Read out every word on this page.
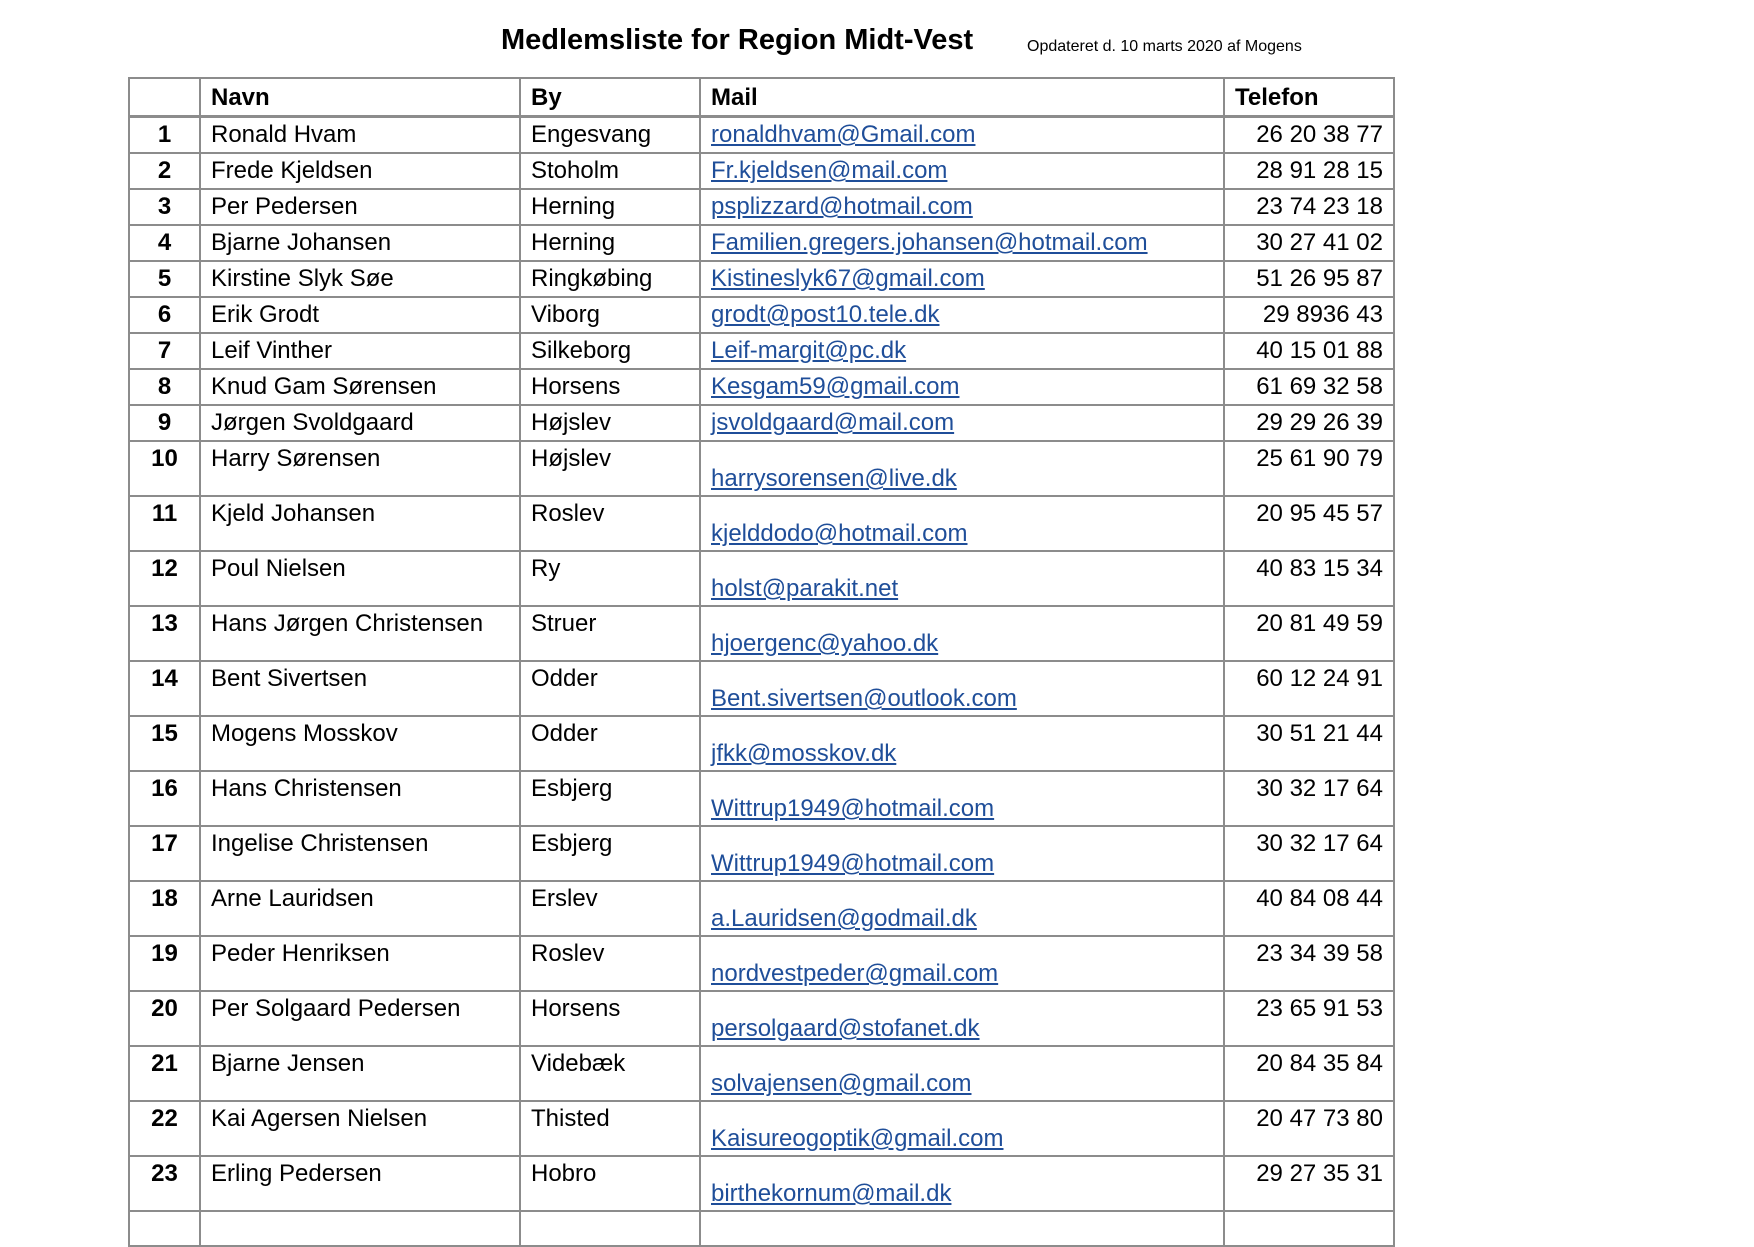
Medlemsliste for Region Midt-Vest	Opdateret d. 10 marts 2020 af Mogens
	Navn	By	Mail	Telefon
1	Ronald Hvam	Engesvang	ronaldhvam@Gmail.com	26 20 38 77
2	Frede Kjeldsen	Stoholm	Fr.kjeldsen@mail.com	28 91 28 15
3	Per Pedersen	Herning	psplizzard@hotmail.com	23 74 23 18
4	Bjarne Johansen	Herning	Familien.gregers.johansen@hotmail.com	30 27 41 02
5	Kirstine Slyk Søe	Ringkøbing	Kistineslyk67@gmail.com	51 26 95 87
6	Erik Grodt	Viborg	grodt@post10.tele.dk	29 8936 43
7	Leif Vinther	Silkeborg	Leif-margit@pc.dk	40 15 01 88
8	Knud Gam Sørensen	Horsens	Kesgam59@gmail.com	61 69 32 58
9	Jørgen Svoldgaard	Højslev	jsvoldgaard@mail.com	29 29 26 39
10	Harry Sørensen	Højslev	harrysorensen@live.dk	25 61 90 79
11	Kjeld Johansen	Roslev	kjelddodo@hotmail.com	20 95 45 57
12	Poul Nielsen	Ry	holst@parakit.net	40 83 15 34
13	Hans Jørgen Christensen	Struer	hjoergenc@yahoo.dk	20 81 49 59
14	Bent Sivertsen	Odder	Bent.sivertsen@outlook.com	60 12 24 91
15	Mogens Mosskov	Odder	jfkk@mosskov.dk	30 51 21 44
16	Hans Christensen	Esbjerg	Wittrup1949@hotmail.com	30 32 17 64
17	Ingelise Christensen	Esbjerg	Wittrup1949@hotmail.com	30 32 17 64
18	Arne Lauridsen	Erslev	a.Lauridsen@godmail.dk	40 84 08 44
19	Peder Henriksen	Roslev	nordvestpeder@gmail.com	23 34 39 58
20	Per Solgaard Pedersen	Horsens	persolgaard@stofanet.dk	23 65 91 53
21	Bjarne Jensen	Videbæk	solvajensen@gmail.com	20 84 35 84
22	Kai Agersen Nielsen	Thisted	Kaisureogoptik@gmail.com	20 47 73 80
23	Erling Pedersen	Hobro	birthekornum@mail.dk	29 27 35 31
